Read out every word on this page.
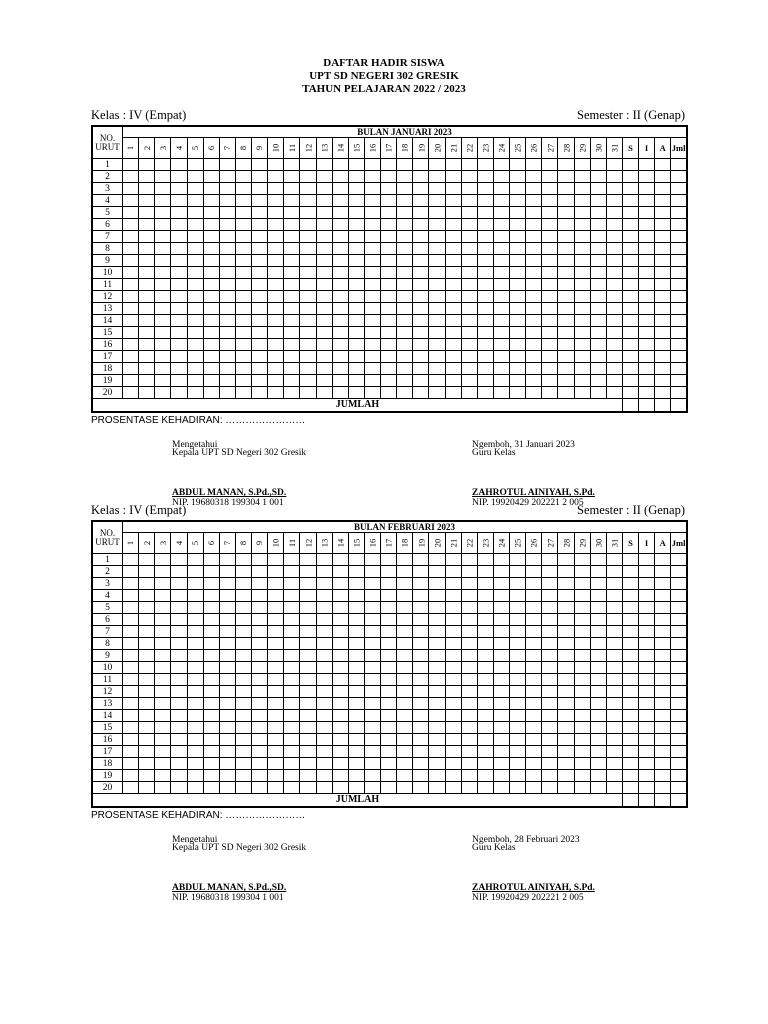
DAFTAR HADIR SISWA
UPT SD NEGERI 302 GRESIK
TAHUN PELAJARAN 2022 / 2023
Kelas : IV (Empat)	Semester : II (Genap)
NO.
URUT	BULAN JANUARI 2023																																		
	1	2	3	4	5	6	7	8	9	10	11	12	13	14	15	16	17	18	19	20	21	22	23	24	25	26	27	28	29	30	31	S	I	A	Jml
1																																			
2																																			
3																																			
4																																			
5																																			
6																																			
7																																			
8																																			
9																																			
10																																			
11																																			
12																																			
13																																			
14																																			
15																																			
16																																			
17																																			
18																																			
19																																			
20																																			
JUMLAH																																			
PROSENTASE KEHADIRAN: ……………………
Mengetahui
Kepala UPT SD Negeri 302 Gresik
ABDUL MANAN, S.Pd.,SD.
NIP. 19680318 199304 1 001
Ngemboh, 31 Januari 2023
Guru Kelas
ZAHROTUL AINIYAH, S.Pd.
NIP. 19920429 202221 2 005
Kelas : IV (Empat)	Semester : II (Genap)
NO.
URUT	BULAN FEBRUARI 2023																																		
	1	2	3	4	5	6	7	8	9	10	11	12	13	14	15	16	17	18	19	20	21	22	23	24	25	26	27	28	29	30	31	S	I	A	Jml
1																																			
2																																			
3																																			
4																																			
5																																			
6																																			
7																																			
8																																			
9																																			
10																																			
11																																			
12																																			
13																																			
14																																			
15																																			
16																																			
17																																			
18																																			
19																																			
20																																			
JUMLAH																																			
PROSENTASE KEHADIRAN: ……………………
Mengetahui
Kepala UPT SD Negeri 302 Gresik
ABDUL MANAN, S.Pd.,SD.
NIP. 19680318 199304 1 001
Ngemboh, 28 Februari 2023
Guru Kelas
ZAHROTUL AINIYAH, S.Pd.
NIP. 19920429 202221 2 005
